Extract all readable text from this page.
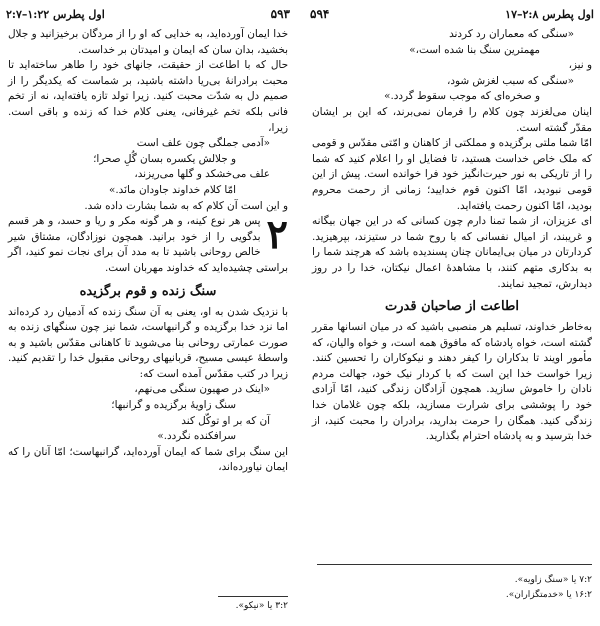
۵۹۳
اول پطرس ۱:۲۲–۲:۷

خدا ایمان آورده‌اید، به خدایی که او را از مردگان برخیزانید و جلال بخشید، بدان سان که ایمان و امیدتان بر خداست.

حال که با اطاعت از حقیقت، جانهای خود را طاهر ساخته‌اید تا محبت برادرانهٔ بی‌ریا داشته باشید، بر شماست که یکدیگر را از صمیم دل به شدّت محبت کنید. زیرا تولد تازه یافته‌اید، نه از تخم فانی بلکه تخم غیرفانی، یعنی کلام خدا که زنده و باقی است. زیرا،

«آدمی جملگی چون علف است
و جلالش یکسره بسان گُلِ صحرا؛
علف می‌خشکد و گلها می‌ریزند،
امّا کلام خداوند جاودان مانَد.»

و این است آن کلام که به شما بشارت داده شد.

۲

پس هر نوع کینه، و هر گونه مکر و ریا و حسد، و هر قسم بدگویی را از خود برانید. همچون نوزادگان، مشتاق شیر خالص روحانی باشید تا به مدد آن برای نجات نمو کنید، اگر براستی چشیده‌اید که خداوند مهربان است.

سنگ زنده و قوم برگزیده

با نزدیک شدن به او، یعنی به آن سنگ زنده که آدمیان رد کرده‌اند اما نزد خدا برگزیده و گرانبهاست، شما نیز چون سنگهای زنده به صورت عمارتی روحانی بنا می‌شوید تا کاهنانی مقدّس باشید و به واسطهٔ عیسی مسیح، قربانیهای روحانی مقبول خدا را تقدیم کنید. زیرا در کتب مقدّس آمده است که:

«اینک در صهیون سنگی می‌نهم،
سنگ زاویهٔ برگزیده و گرانبها؛
آن که بر او توکّل کند
سرافکنده نگردد.»

این سنگ برای شما که ایمان آورده‌اید، گرانبهاست؛ امّا آنان را که ایمان نیاورده‌اند،

۳:۲ یا «نیکو».
اول پطرس ۲:۸–۱۷
۵۹۴
«سنگی که معماران رد کردند
مهمترین سنگ بنا شده است،»

و نیز،

«سنگی که سبب لغزش شود،
و صخره‌ای که موجب سقوط گردد.»

اینان می‌لغزند چون کلام را فرمان نمی‌برند، که این بر ایشان مقدّر گشته است.

امّا شما ملتی برگزیده و مملکتی از کاهنان و امّتی مقدّس و قومی که ملک خاص خداست هستید، تا فضایل او را اعلام کنید که شما را از تاریکی به نور حیرت‌انگیز خود فرا خوانده است. پیش از این قومی نبودید، امّا اکنون قوم خدایید؛ زمانی از رحمت محروم بودید، امّا اکنون رحمت یافته‌اید.

ای عزیزان، از شما تمنا دارم چون کسانی که در این جهان بیگانه و غریبند، از امیال نفسانی که با روح شما در ستیزند، بپرهیزید. کردارتان در میان بی‌ایمانان چنان پسندیده باشد که هرچند شما را به بدکاری متهم کنند، با مشاهدهٔ اعمال نیکتان، خدا را در روز دیدارش، تمجید نمایند.

اطاعت از صاحبان قدرت

به‌خاطر خداوند، تسلیم هر منصبی باشید که در میان انسانها مقرر گشته است، خواه پادشاه که مافوق همه است، و خواه والیان، که مأمور اویند تا بدکاران را کیفر دهند و نیکوکاران را تحسین کنند. زیرا خواست خدا این است که با کردار نیک خود، جهالت مردم نادان را خاموش سازید. همچون آزادگان زندگی کنید، امّا آزادی خود را پوششی برای شرارت مسازید، بلکه چون غلامان خدا زندگی کنید. همگان را حرمت بدارید، برادران را محبت کنید، از خدا بترسید و به پادشاه احترام بگذارید.

۷:۲ یا «سنگ زاویه».
۱۶:۲ یا «خدمتگزاران».
